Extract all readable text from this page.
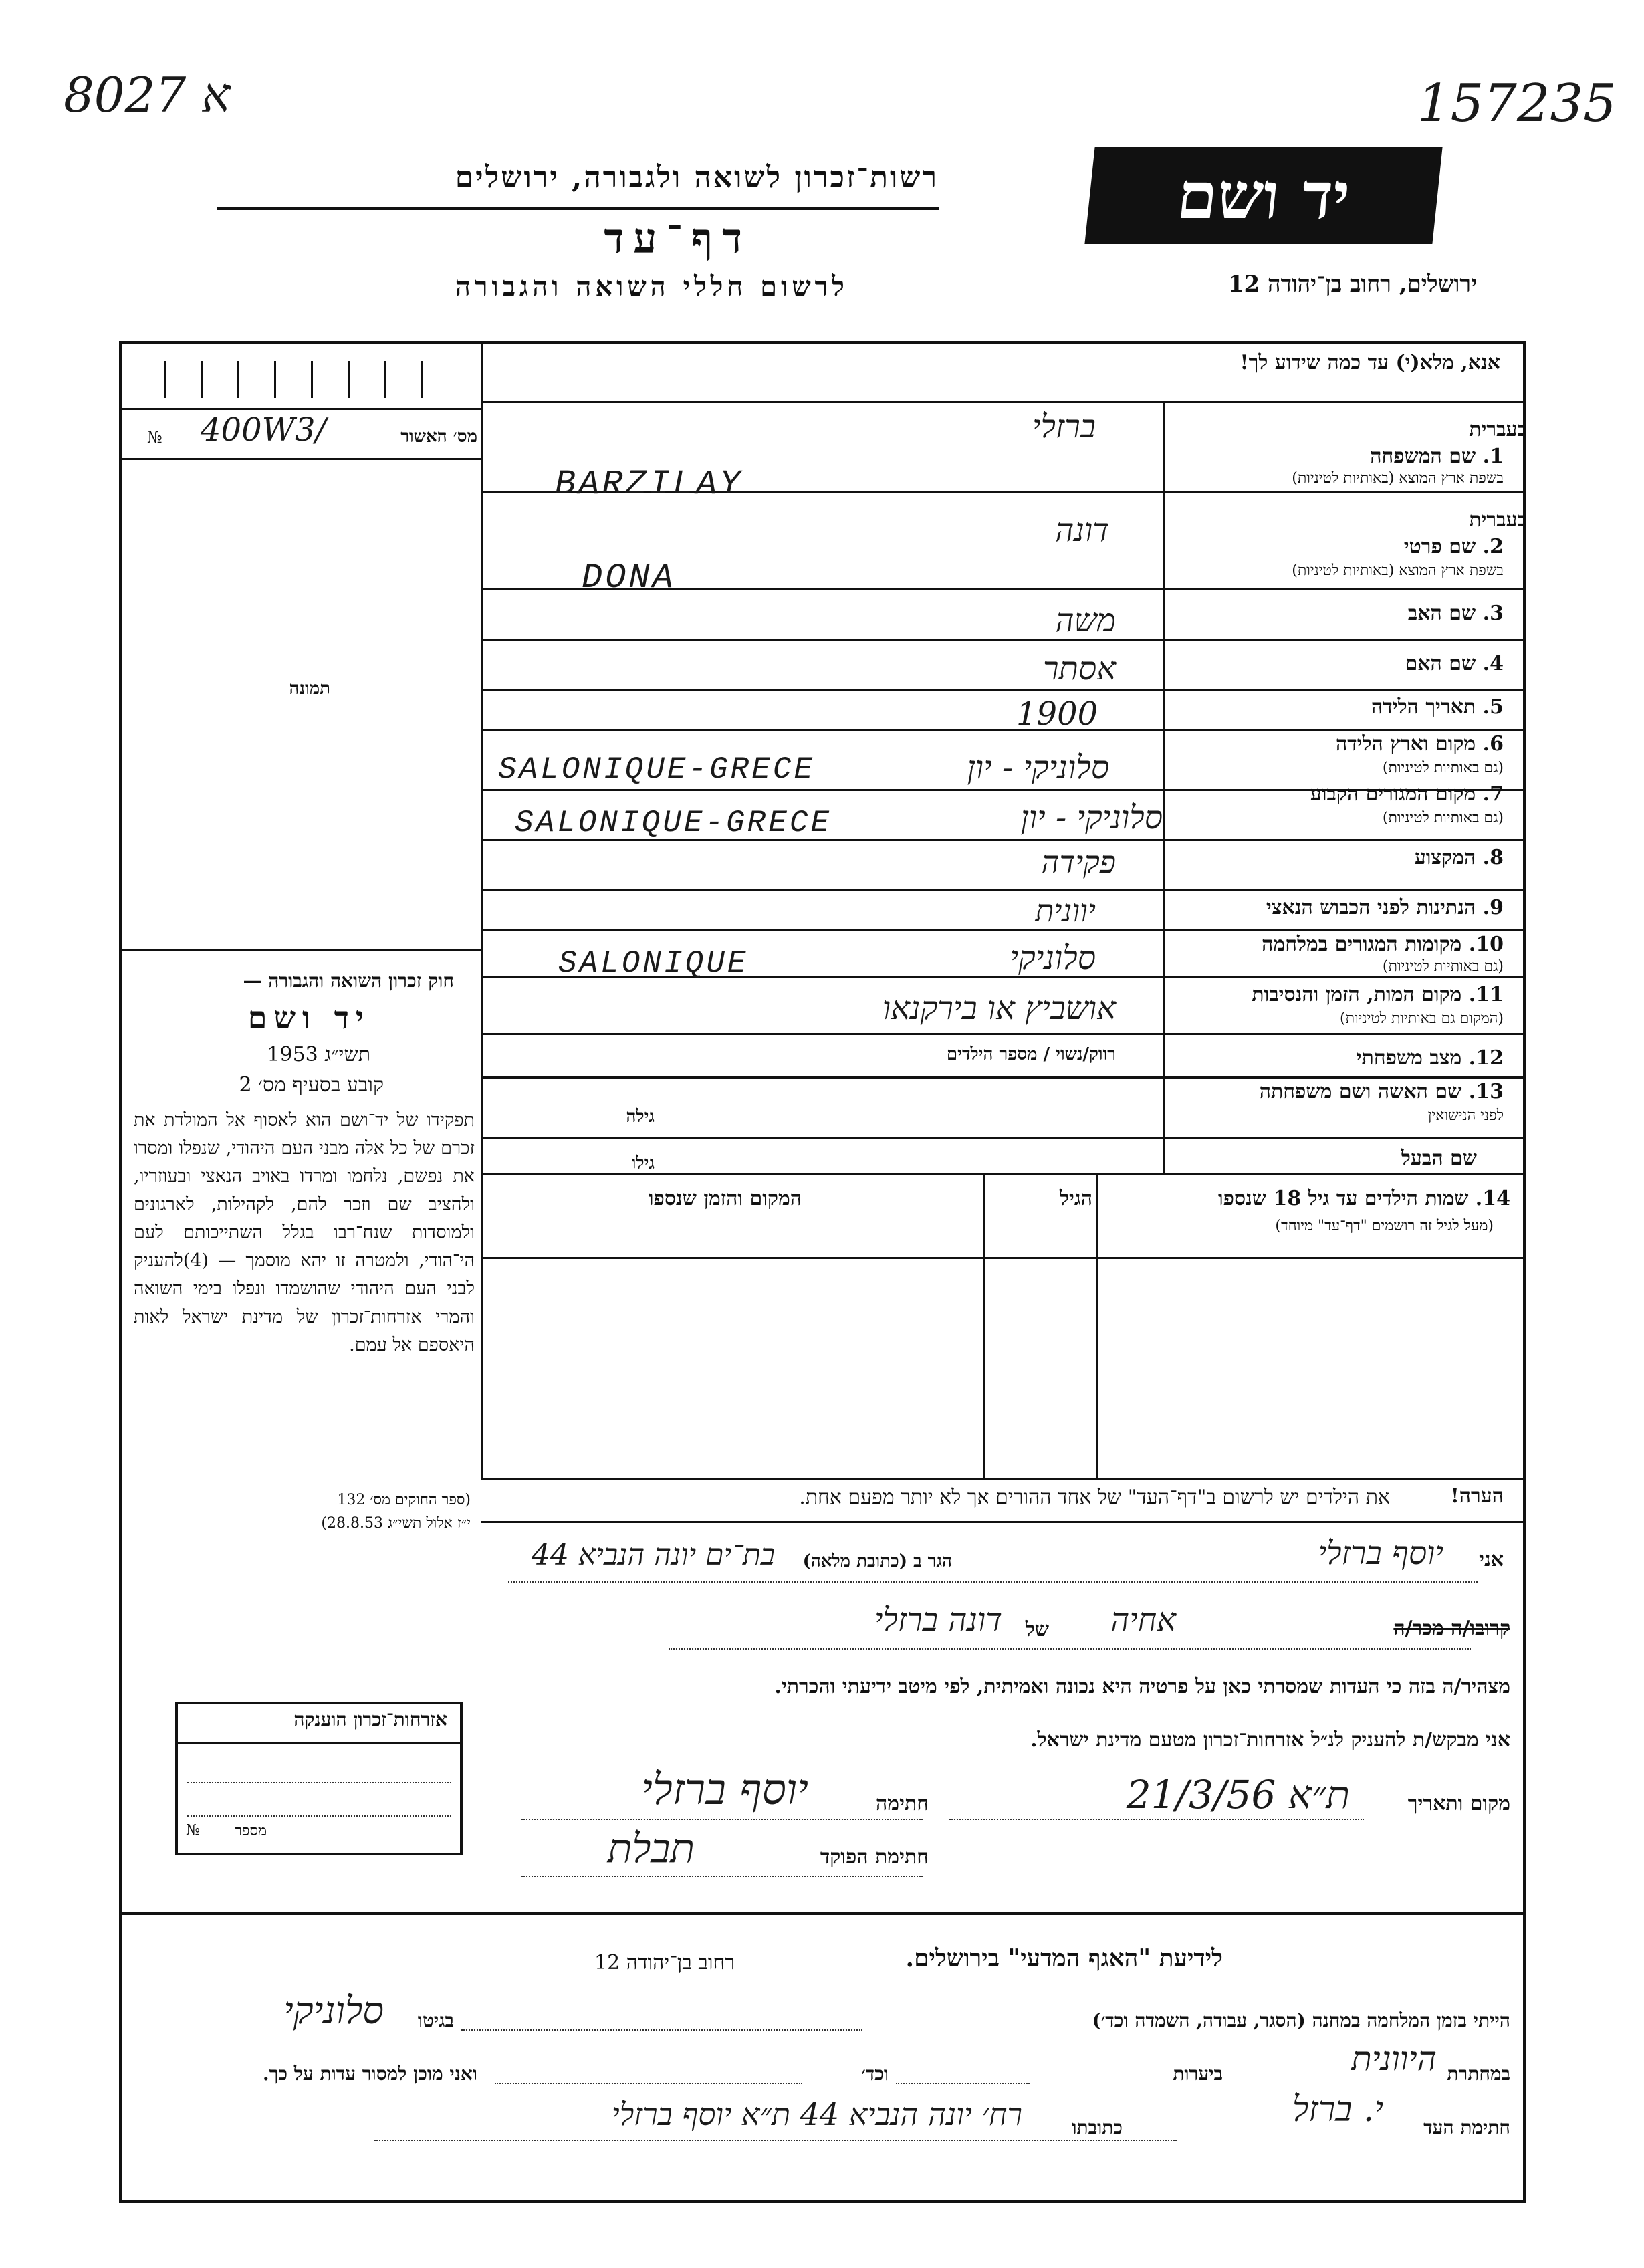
8027 א	157235
רשות־זכרון לשואה ולגבורה, ירושלים
דף־עד
לרשום חללי השואה והגבורה
יד ושם
ירושלים, רחוב בן־יהודה 12
אנא, מלא(י) עד כמה שידוע לך!
№ 400W3/	מס׳ האשור
תמונה
חוק זכרון השואה והגבורה —
יד ושם
תשי״ג 1953
קובע בסעיף מס׳ 2
תפקידו של יד־ושם הוא לאסוף אל המולדת את זכרם של כל אלה מבני העם היהודי, שנפלו ומסרו את נפשם, נלחמו ומרדו באויב הנאצי ובעוזריו, ולהציב שם וזכר להם, לקהילות, לארגונים ולמוסדות שנח־רבו בגלל השתייכותם לעם הי־הודי, ולמטרה זו יהא מוסמך — (4)להעניק לבני העם היהודי שהושמדו ונפלו בימי השואה והמרי אזרחות־זכרון של מדינת ישראל לאות היאספם אל עמם.
(ספר החוקים מס׳ 132
י״ז אלול תשי״ג 28.8.53)
בעברית
1. שם המשפחה
בשפת ארץ המוצא (באותיות לטיניות)
ברזלי
BARZILAY
בעברית
2. שם פרטי
בשפת ארץ המוצא (באותיות לטיניות)
דונה
DONA
3. שם האב
משה
4. שם האם
אסתר
5. תאריך הלידה
1900
6. מקום וארץ הלידה
(גם באותיות לטיניות)
סלוניקי - יון
SALONIQUE-GRECE
7. מקום המגורים הקבוע
(גם באותיות לטיניות)
סלוניקי - יון
SALONIQUE-GRECE
8. המקצוע
פקידה
9. הנתינות לפני הכבוש הנאצי
יוונית
10. מקומות המגורים במלחמה
(גם באותיות לטיניות)
סלוניקי
SALONIQUE
11. מקום המות, הזמן והנסיבות
(המקום גם באותיות לטיניות)
אושביץ או בירקנאו
12. מצב משפחתי
רווק/נשוי / מספר הילדים
13. שם האשה ושם משפחתה
לפני הנישואין
גילה
שם הבעל
גילו
14. שמות הילדים עד גיל 18 שנספו
(מעל לגיל זה רושמים "דף־עד" מיוחד)
הגיל
המקום והזמן שנספו
הערה!
את הילדים יש לרשום ב"דף־העד" של אחד ההורים אך לא יותר מפעם אחת.
אני
יוסף ברזלי
הגר ב (כתובת מלאה)
בת־ים יונה הנביא 44
קרובו/ה מכר/ה
אחיה
של
דונה ברזלי
מצהיר/ה בזה כי העדות שמסרתי כאן על פרטיה היא נכונה ואמיתית, לפי מיטב ידיעתי והכרתי.
אני מבקש/ת להעניק לנ״ל אזרחות־זכרון מטעם מדינת ישראל.
מקום ותאריך
ת״א 21/3/56
חתימה
יוסף ברזלי
חתימת הפוקד
תבלת
אזרחות־זכרון הוענקה
№ מספר
לידיעת "האגף המדעי" בירושלים.
רחוב בן־יהודה 12
הייתי בזמן המלחמה במחנה (הסגר, עבודה, השמדה וכד׳)
בגיטו
סלוניקי
במחתרת
היוונית
ביערות
וכד׳
ואני מוכן למסור עדות על כך.
חתימת העד
י. ברזל
כתובתו
רח׳ יונה הנביא 44 ת״א יוסף ברזלי
